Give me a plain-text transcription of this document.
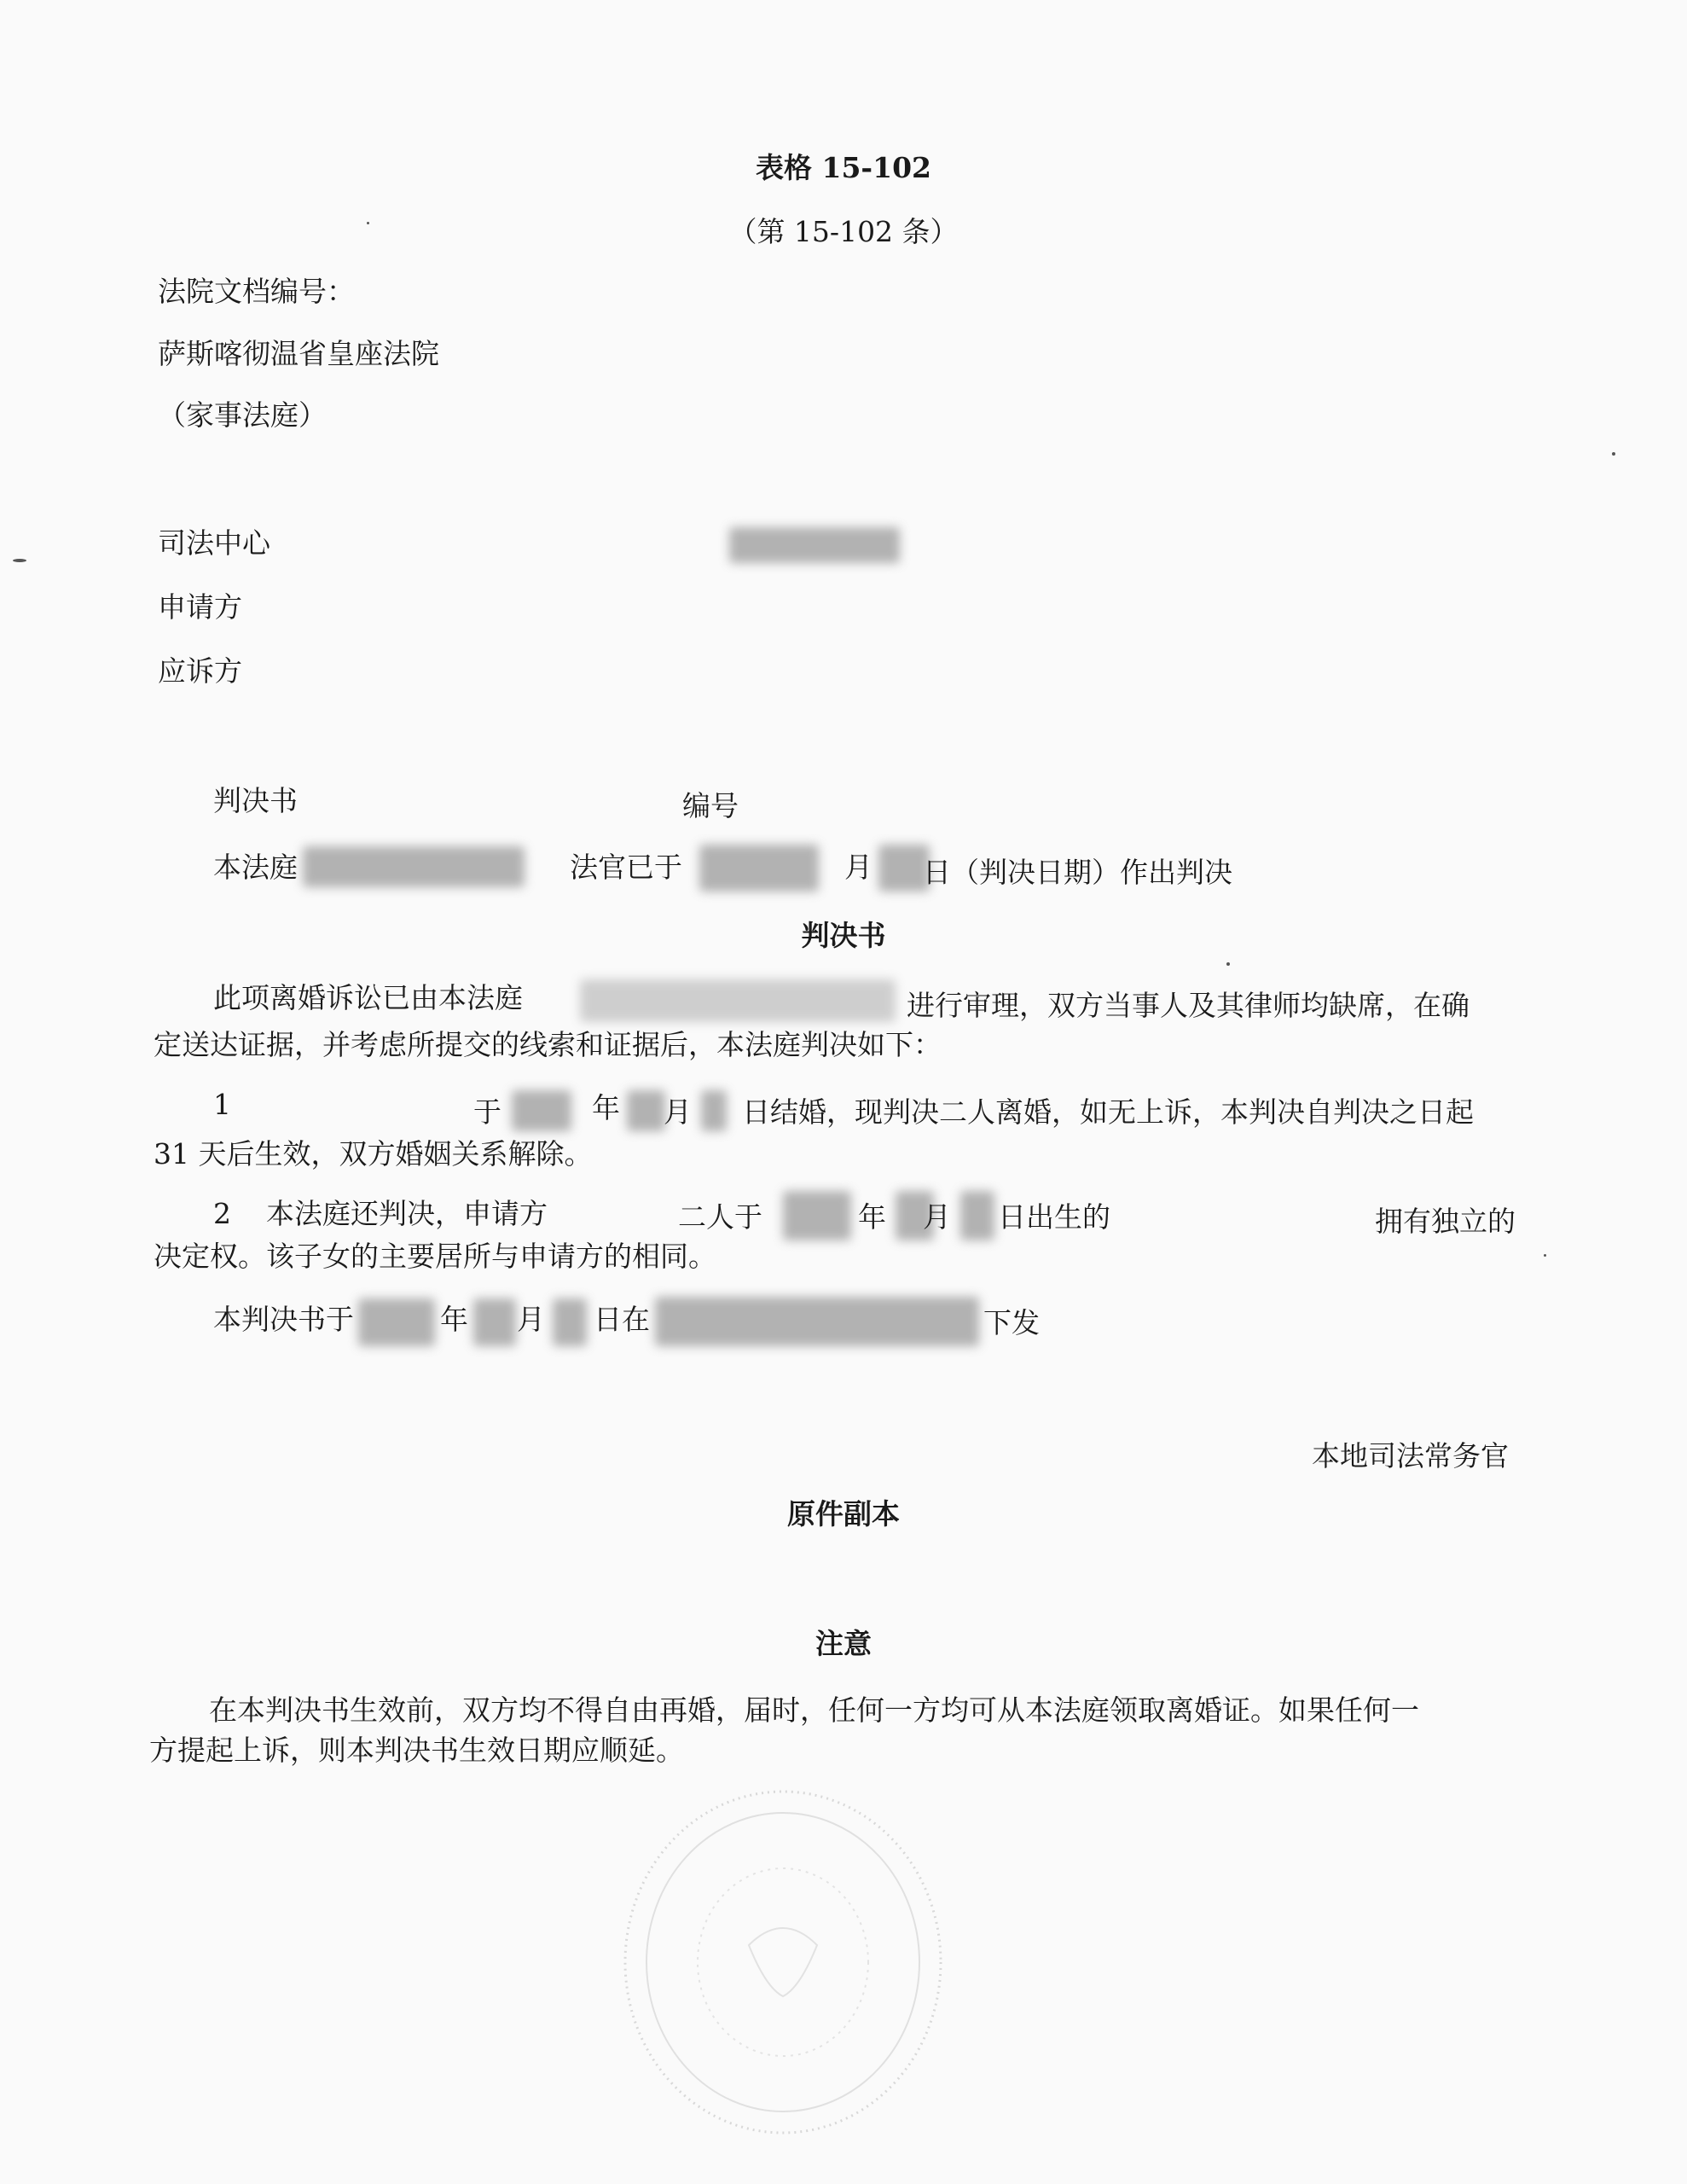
表格 15-102
（第 15-102 条）
法院文档编号：
萨斯喀彻温省皇座法院
（家事法庭）
司法中心
申请方
应诉方
判决书	编号
本法庭	法官已于	月 日（判决日期）作出判决
判决书
此项离婚诉讼已由本法庭	进行审理，双方当事人及其律师均缺席，在确
定送达证据，并考虑所提交的线索和证据后，本法庭判决如下：
1	于	年 月 日结婚，现判决二人离婚，如无上诉，本判决自判决之日起
31 天后生效，双方婚姻关系解除。
2 本法庭还判决，申请方	二人于	年 月 日出生的	拥有独立的
决定权。该子女的主要居所与申请方的相同。
本判决书于	年 月 日在	下发
本地司法常务官
原件副本
注意
在本判决书生效前，双方均不得自由再婚，届时，任何一方均可从本法庭领取离婚证。如果任何一
方提起上诉，则本判决书生效日期应顺延。
